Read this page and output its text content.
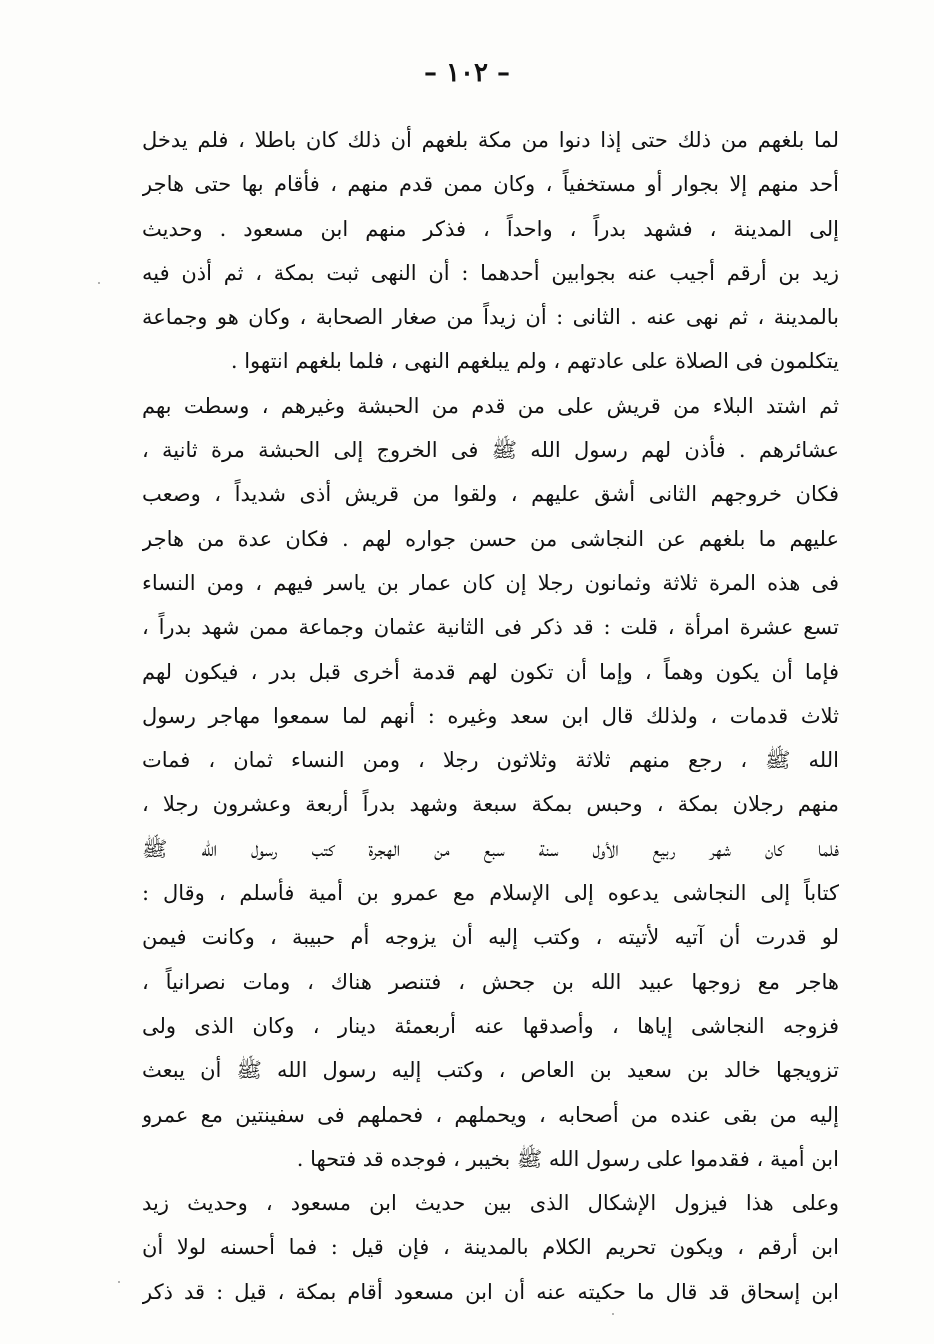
– ١٠٢ –
لما بلغهم من ذلك حتى إذا دنوا من مكة بلغهم أن ذلك كان باطلا ، فلم يدخل
أحد منهم إلا بجوار أو مستخفياً ، وكان ممن قدم منهم ، فأقام بها حتى هاجر
إلى المدينة ، فشهد بدراً ، واحداً ، فذكر منهم ابن مسعود . وحديث
زيد بن أرقم أجيب عنه بجوابين أحدهما : أن النهى ثبت بمكة ، ثم أذن فيه
بالمدينة ، ثم نهى عنه . الثانى : أن زيداً من صغار الصحابة ، وكان هو وجماعة
يتكلمون فى الصلاة على عادتهم ، ولم يبلغهم النهى ، فلما بلغهم انتهوا .
ثم اشتد البلاء من قريش على من قدم من الحبشة وغيرهم ، وسطت بهم
عشائرهم . فأذن لهم رسول الله ﷺ فى الخروج إلى الحبشة مرة ثانية ،
فكان خروجهم الثانى أشق عليهم ، ولقوا من قريش أذى شديداً ، وصعب
عليهم ما بلغهم عن النجاشى من حسن جواره لهم . فكان عدة من هاجر
فى هذه المرة ثلاثة وثمانون رجلا إن كان عمار بن ياسر فيهم ، ومن النساء
تسع عشرة امرأة ، قلت : قد ذكر فى الثانية عثمان وجماعة ممن شهد بدراً ،
فإما أن يكون وهماً ، وإما أن تكون لهم قدمة أخرى قبل بدر ، فيكون لهم
ثلاث قدمات ، ولذلك قال ابن سعد وغيره : أنهم لما سمعوا مهاجر رسول
الله ﷺ ، رجع منهم ثلاثة وثلاثون رجلا ، ومن النساء ثمان ، فمات
منهم رجلان بمكة ، وحبس بمكة سبعة وشهد بدراً أربعة وعشرون رجلا ،
فلما كان شهر ربيع الأول سنة سبع من الهجرة كتب رسول الله ﷺ
كتاباً إلى النجاشى يدعوه إلى الإسلام مع عمرو بن أمية فأسلم ، وقال :
لو قدرت أن آتيه لأتيته ، وكتب إليه أن يزوجه أم حبيبة ، وكانت فيمن
هاجر مع زوجها عبيد الله بن جحش ، فتنصر هناك ، ومات نصرانياً ،
فزوجه النجاشى إياها ، وأصدقها عنه أربعمئة دينار ، وكان الذى ولى
تزويجها خالد بن سعيد بن العاص ، وكتب إليه رسول الله ﷺ أن يبعث
إليه من بقى عنده من أصحابه ، ويحملهم ، فحملهم فى سفينتين مع عمرو
ابن أمية ، فقدموا على رسول الله ﷺ بخيبر ، فوجده قد فتحها .
وعلى هذا فيزول الإشكال الذى بين حديث ابن مسعود ، وحديث زيد
ابن أرقم ، ويكون تحريم الكلام بالمدينة ، فإن قيل : فما أحسنه لولا أن
ابن إسحاق قد قال ما حكيته عنه أن ابن مسعود أقام بمكة ، قيل : قد ذكر
